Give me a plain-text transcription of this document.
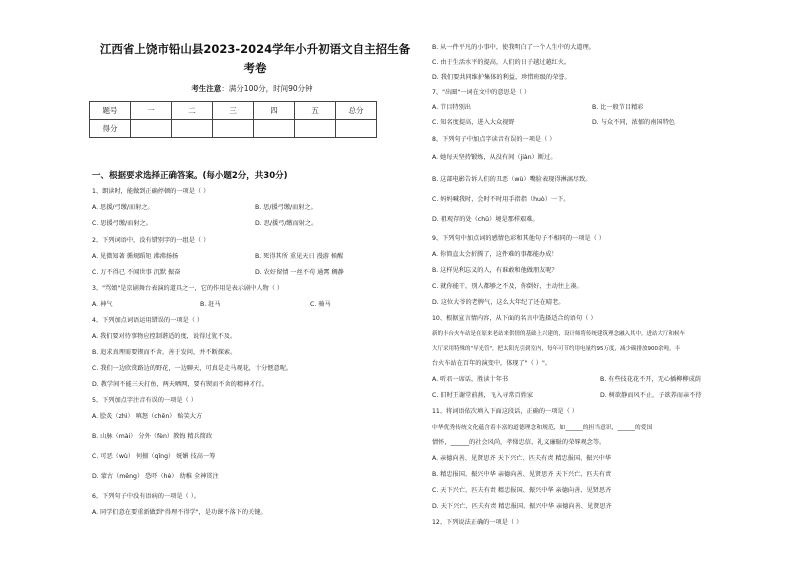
江西省上饶市铅山县2023-2024学年小升初语文自主招生备
考卷
考生注意：满分100分，时间90分钟
题号	一	二	三	四	五	总分
得分						
一、根据要求选择正确答案。(每小题2分，共30分)
1、朗读时，能做到正确停顿的一项是（ ）
A. 思援/弓缴/而射之。	B. 思/援弓缴/而射之。
C. 思援弓缴/而射之。	D. 思/援弓/缴而射之。
2、下列词语中，没有错别字的一组是（ ）
A. 见微知著 循规蹈矩 沸沸扬扬	B. 死得其所 重见天日 漫游 候醒
C. 万不得已 不闻世事 沉默 振奋	D. 农好留情 一丝不苟 通霄 稠静
3、"骂娘"是京剧舞台表演的道具之一，它的作用是表示剧中人物（ ）
A. 神气	B. 赶马	C. 骑马
4、下列加点词语运用错误的一项是（ ）
A. 我们要对待事物应控制谐适的度，说得过犹不及。
B. 追求真理需要锲而不舍，善于发问，并不断探索。
C. 我们一边欣赏路边的野花，一边聊天，可真是走马观花，十分惬意呢。
D. 教学间不能三天打鱼，两天晒网，要有锲而不舍的精神才行。
5、下列加点字注音有误的一项是（ ）
A. 脍炙（zhì） 嗔怒（chēn） 贻笑大方
B. 山脉（mài） 分外（fèn）教悔 精兵简政
C. 可恶（wù） 何擅（qǐng） 妩媚 技高一筹
D. 蒙古（měng） 恐吓（hè） 幼稚 全神贯注
6、下列句子中没有语病的一项是（ ）。
A. 同学们意在要重新做到"得理不得学"，是功课不落下的关键。
B. 从一件平凡的小事中，使我明白了一个人生中的大道理。
C. 由于生活水平的提高，人们的日子越过越红火。
D. 我们要共同维护集体的利益，珍惜班级的荣誉。
7、"出圈"一词在文中的意思是（ ）
A. 节目特别出	B. 比一般节目精彩
C. 知名度提高，进入大众视野	D. 与众不同，浓郁的南国特色
8、下列句子中加点字读音有误的一项是（ ）
A. 她每天坚持锻炼，从没有间（jiàn）断过。
B. 这部电影告诉人们的丑恶（wù）嘴脸表现得淋漓尽致。
C. 妈妈喊我时，会时不时用手指指（huò）一下。
D. 祖观存的处（chǔ）境是那样艰难。
9、下列句中加点词的感情色彩和其他句子不相同的一项是（ ）
A. 你简直太会折腾了，这件难的事都能办成！
B. 这样见利忘义的人，有谁敢和他做朋友呢？
C. 就你能干，别人都够之不及，你倒好，主动往上凑。
D. 这位大爷的老脾气，这么大年纪了还在晴老。
10、根据宣言情内容，从下面的名言中选择适合的语句（ ）
新的丰台火车站是在原来老站来供情的基础上兴建的，设计师将传统建筑理念融入其中，进站大厅和候车
大厅采用特殊的"导光管"，把太阳光引到室内，每年可节约用电量约95万度，减少碳排放900余吨。丰
台火车站在百年的演变中，体现了"（ ）"。
A. 听君一席话，胜读十年书	B. 有些技花花不开，无心插柳柳成荫
C. 旧时王谢堂前燕，飞入寻常百姓家	D. 树欲静而风不止，子欲养而亲不待
11、将词语依次填入下面这段话，正确的一项是（ ）
中华优秀传统文化蕴含着丰富的道德理念和规范，如______的担当意识，______的爱国
情怀，______的社会风尚，孝悌忠信、礼义廉耻的荣辱观念等。
A. 亲德向善、见贤思齐 天下兴亡、匹夫有责 精忠报国、振兴中华
B. 精忠报国、振兴中华 亲德向善、见贤思齐 天下兴亡、匹夫有责
C. 天下兴亡、匹夫有责 精忠报国、振兴中华 亲德向善、见贤思齐
D. 天下兴亡、匹夫有责 精忠报国、振兴中华 亲德向善、见贤思齐
12、下列说法正确的一项是（ ）
